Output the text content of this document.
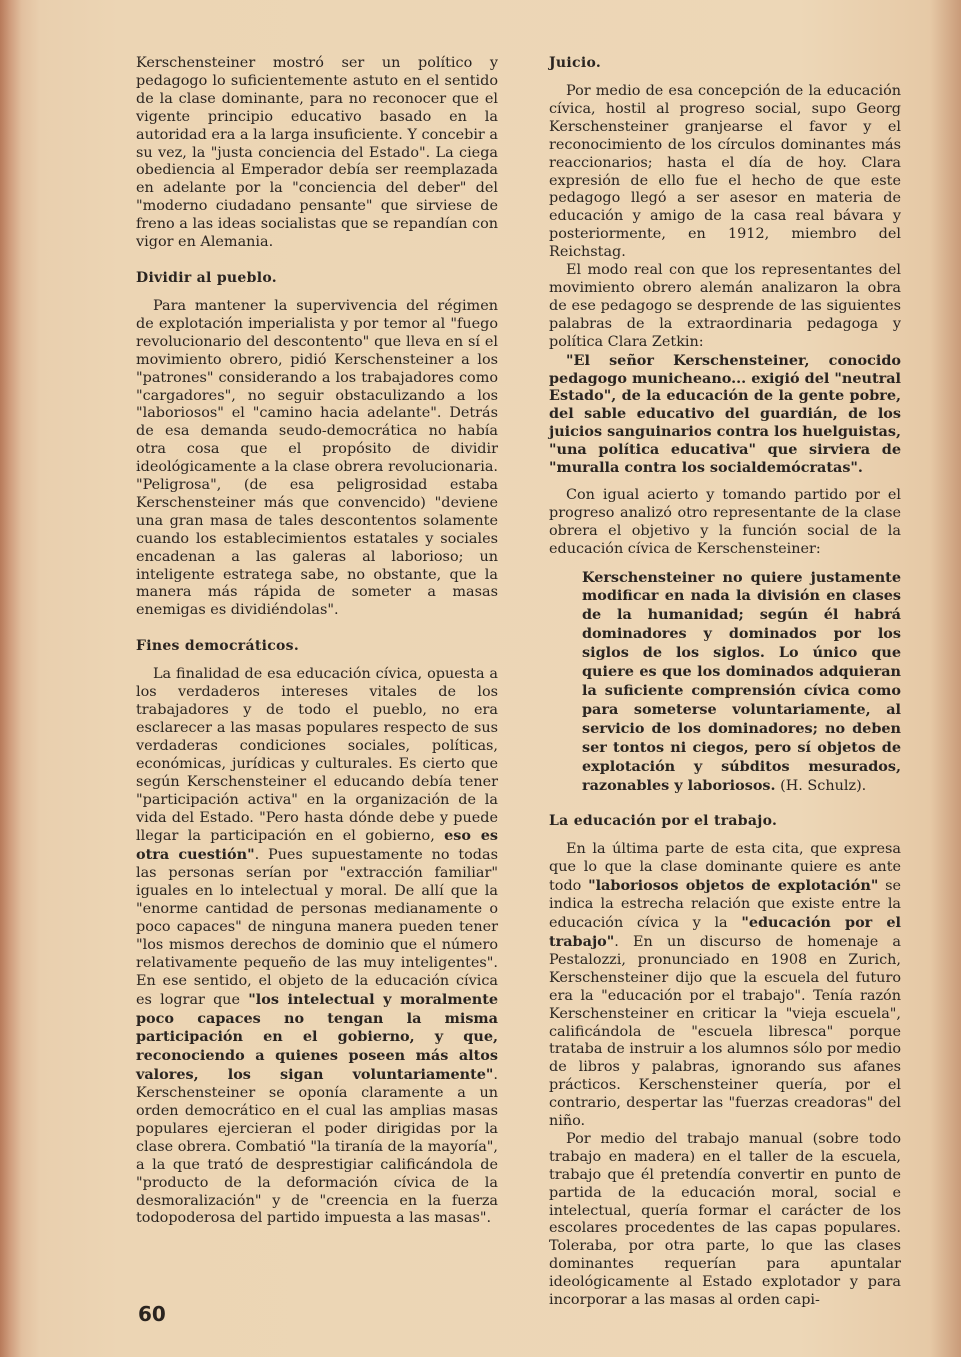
Kerschensteiner mostró ser un político y pedagogo lo suficientemente astuto en el sentido de la clase dominante, para no reconocer que el vigente principio educativo basado en la autoridad era a la larga insuficiente. Y concebir a su vez, la "justa conciencia del Estado". La ciega obediencia al Emperador debía ser reemplazada en adelante por la "conciencia del deber" del "moderno ciudadano pensante" que sirviese de freno a las ideas socialistas que se repandían con vigor en Alemania.

Dividir al pueblo.

Para mantener la supervivencia del régimen de explotación imperialista y por temor al "fuego revolucionario del descontento" que lleva en sí el movimiento obrero, pidió Kerschensteiner a los "patrones" considerando a los trabajadores como "cargadores", no seguir obstaculizando a los "laboriosos" el "camino hacia adelante". Detrás de esa demanda seudo-democrática no había otra cosa que el propósito de dividir ideológicamente a la clase obrera revolucionaria. "Peligrosa", (de esa peligrosidad estaba Kerschensteiner más que convencido) "deviene una gran masa de tales descontentos solamente cuando los establecimientos estatales y sociales encadenan a las galeras al laborioso; un inteligente estratega sabe, no obstante, que la manera más rápida de someter a masas enemigas es dividiéndolas".

Fines democráticos.

La finalidad de esa educación cívica, opuesta a los verdaderos intereses vitales de los trabajadores y de todo el pueblo, no era esclarecer a las masas populares respecto de sus verdaderas condiciones sociales, políticas, económicas, jurídicas y culturales. Es cierto que según Kerschensteiner el educando debía tener "participación activa" en la organización de la vida del Estado. "Pero hasta dónde debe y puede llegar la participación en el gobierno, eso es otra cuestión". Pues supuestamente no todas las personas serían por "extracción familiar" iguales en lo intelectual y moral. De allí que la "enorme cantidad de personas medianamente o poco capaces" de ninguna manera pueden tener "los mismos derechos de dominio que el número relativamente pequeño de las muy inteligentes". En ese sentido, el objeto de la educación cívica es lograr que "los intelectual y moralmente poco capaces no tengan la misma participación en el gobierno, y que, reconociendo a quienes poseen más altos valores, los sigan voluntariamente". Kerschensteiner se oponía claramente a un orden democrático en el cual las amplias masas populares ejercieran el poder dirigidas por la clase obrera. Combatió "la tiranía de la mayoría", a la que trató de desprestigiar calificándola de "producto de la deformación cívica de la desmoralización" y de "creencia en la fuerza todopoderosa del partido impuesta a las masas".

Juicio.

Por medio de esa concepción de la educación cívica, hostil al progreso social, supo Georg Kerschensteiner granjearse el favor y el reconocimiento de los círculos dominantes más reaccionarios; hasta el día de hoy. Clara expresión de ello fue el hecho de que este pedagogo llegó a ser asesor en materia de educación y amigo de la casa real bávara y posteriormente, en 1912, miembro del Reichstag.

El modo real con que los representantes del movimiento obrero alemán analizaron la obra de ese pedagogo se desprende de las siguientes palabras de la extraordinaria pedagoga y política Clara Zetkin:

"El señor Kerschensteiner, conocido pedagogo municheano... exigió del "neutral Estado", de la educación de la gente pobre, del sable educativo del guardián, de los juicios sanguinarios contra los huelguistas, "una política educativa" que sirviera de "muralla contra los socialdemócratas".

Con igual acierto y tomando partido por el progreso analizó otro representante de la clase obrera el objetivo y la función social de la educación cívica de Kerschensteiner:

Kerschensteiner no quiere justamente modificar en nada la división en clases de la humanidad; según él habrá dominadores y dominados por los siglos de los siglos. Lo único que quiere es que los dominados adquieran la suficiente comprensión cívica como para someterse voluntariamente, al servicio de los dominadores; no deben ser tontos ni ciegos, pero sí objetos de explotación y súbditos mesurados, razonables y laboriosos. (H. Schulz).

La educación por el trabajo.

En la última parte de esta cita, que expresa que lo que la clase dominante quiere es ante todo "laboriosos objetos de explotación" se indica la estrecha relación que existe entre la educación cívica y la "educación por el trabajo". En un discurso de homenaje a Pestalozzi, pronunciado en 1908 en Zurich, Kerschensteiner dijo que la escuela del futuro era la "educación por el trabajo". Tenía razón Kerschensteiner en criticar la "vieja escuela", calificándola de "escuela libresca" porque trataba de instruir a los alumnos sólo por medio de libros y palabras, ignorando sus afanes prácticos. Kerschensteiner quería, por el contrario, despertar las "fuerzas creadoras" del niño.

Por medio del trabajo manual (sobre todo trabajo en madera) en el taller de la escuela, trabajo que él pretendía convertir en punto de partida de la educación moral, social e intelectual, quería formar el carácter de los escolares procedentes de las capas populares. Toleraba, por otra parte, lo que las clases dominantes requerían para apuntalar ideológicamente al Estado explotador y para incorporar a las masas al orden capi-

60
